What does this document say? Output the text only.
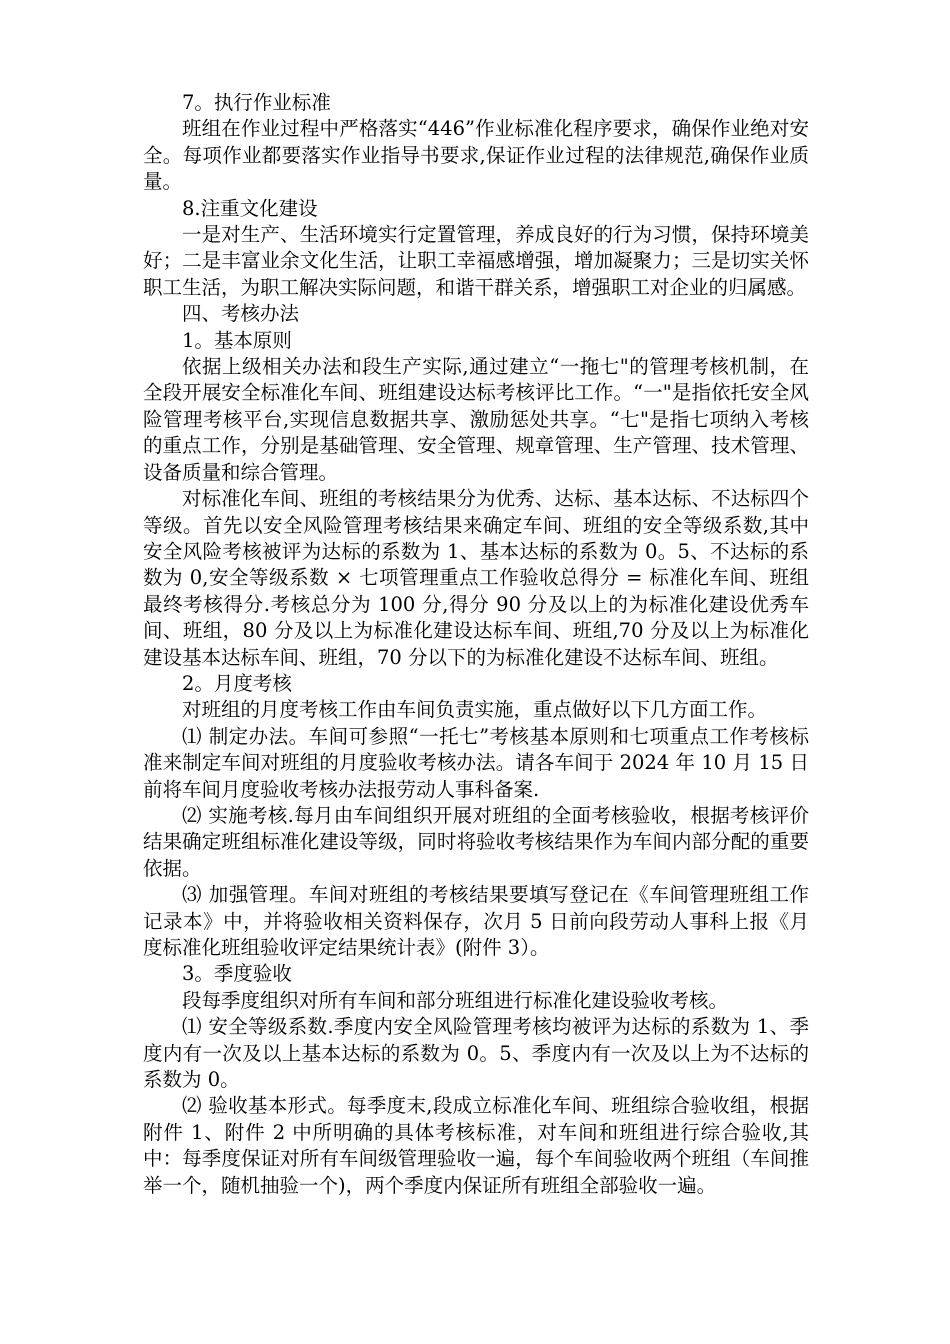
7。执行作业标准

班组在作业过程中严格落实“446”作业标准化程序要求，确保作业绝对安全。每项作业都要落实作业指导书要求,保证作业过程的法律规范,确保作业质量。

8.注重文化建设

一是对生产、生活环境实行定置管理，养成良好的行为习惯，保持环境美好；二是丰富业余文化生活，让职工幸福感增强，增加凝聚力；三是切实关怀职工生活，为职工解决实际问题，和谐干群关系，增强职工对企业的归属感。

四、考核办法

1。基本原则

依据上级相关办法和段生产实际,通过建立“一拖七"的管理考核机制，在全段开展安全标准化车间、班组建设达标考核评比工作。“一"是指依托安全风险管理考核平台,实现信息数据共享、激励惩处共享。“七"是指七项纳入考核的重点工作，分别是基础管理、安全管理、规章管理、生产管理、技术管理、设备质量和综合管理。

对标准化车间、班组的考核结果分为优秀、达标、基本达标、不达标四个等级。首先以安全风险管理考核结果来确定车间、班组的安全等级系数,其中安全风险考核被评为达标的系数为 1、基本达标的系数为 0。5、不达标的系数为 0,安全等级系数 × 七项管理重点工作验收总得分 = 标准化车间、班组最终考核得分.考核总分为 100 分,得分 90 分及以上的为标准化建设优秀车间、班组，80 分及以上为标准化建设达标车间、班组,70 分及以上为标准化建设基本达标车间、班组，70 分以下的为标准化建设不达标车间、班组。

2。月度考核

对班组的月度考核工作由车间负责实施，重点做好以下几方面工作。

⑴ 制定办法。车间可参照“一托七”考核基本原则和七项重点工作考核标准来制定车间对班组的月度验收考核办法。请各车间于 2024 年 10 月 15 日前将车间月度验收考核办法报劳动人事科备案.

⑵ 实施考核.每月由车间组织开展对班组的全面考核验收，根据考核评价结果确定班组标准化建设等级，同时将验收考核结果作为车间内部分配的重要依据。

⑶ 加强管理。车间对班组的考核结果要填写登记在《车间管理班组工作记录本》中，并将验收相关资料保存，次月 5 日前向段劳动人事科上报《月度标准化班组验收评定结果统计表》(附件 3）。

3。季度验收

段每季度组织对所有车间和部分班组进行标准化建设验收考核。

⑴ 安全等级系数.季度内安全风险管理考核均被评为达标的系数为 1、季度内有一次及以上基本达标的系数为 0。5、季度内有一次及以上为不达标的系数为 0。

⑵ 验收基本形式。每季度末,段成立标准化车间、班组综合验收组，根据附件 1、附件 2 中所明确的具体考核标准，对车间和班组进行综合验收,其中：每季度保证对所有车间级管理验收一遍，每个车间验收两个班组（车间推举一个，随机抽验一个)，两个季度内保证所有班组全部验收一遍。
